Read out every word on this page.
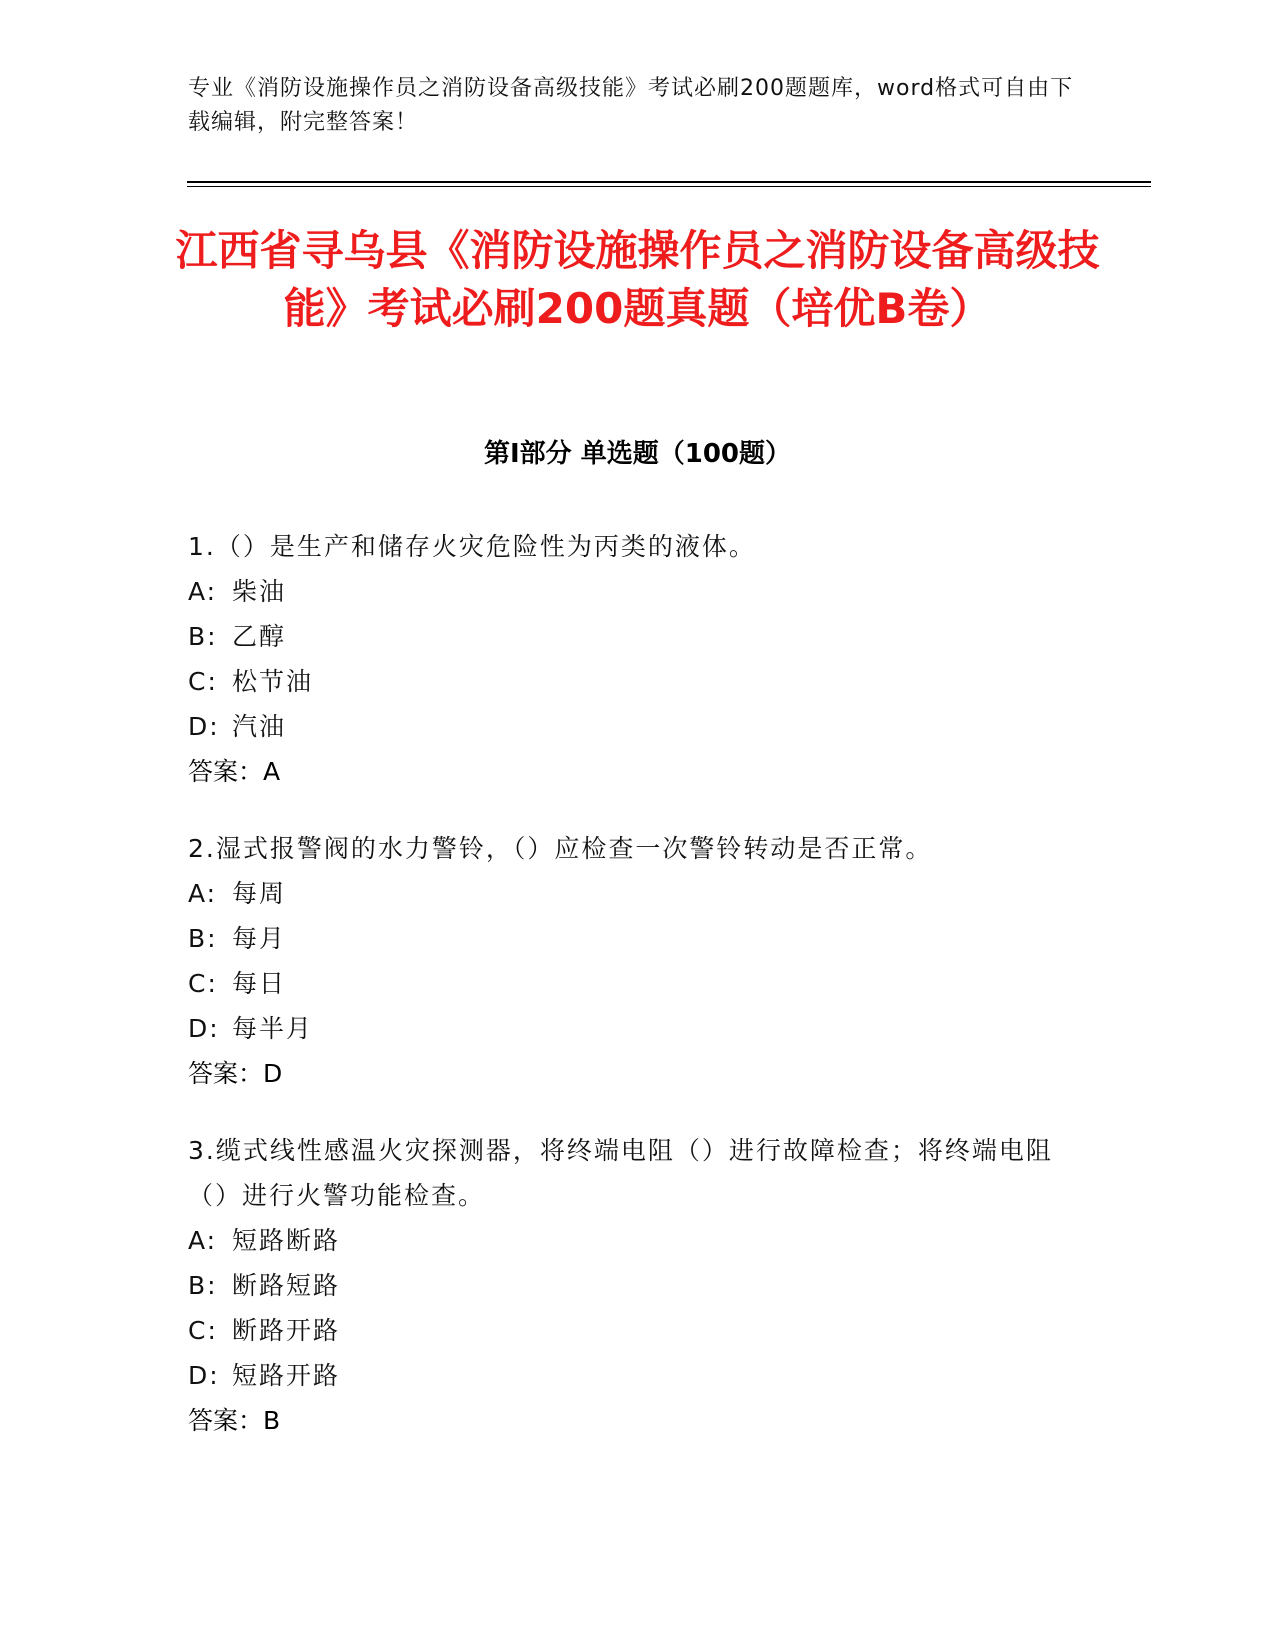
专业《消防设施操作员之消防设备高级技能》考试必刷200题题库，word格式可自由下载编辑，附完整答案！
江西省寻乌县《消防设施操作员之消防设备高级技能》考试必刷200题真题（培优B卷）
第Ⅰ部分 单选题（100题）
1.（）是生产和储存火灾危险性为丙类的液体。
A: 柴油
B: 乙醇
C: 松节油
D: 汽油
答案：A
2.湿式报警阀的水力警铃，（）应检查一次警铃转动是否正常。
A: 每周
B: 每月
C: 每日
D: 每半月
答案：D
3.缆式线性感温火灾探测器，将终端电阻（）进行故障检查；将终端电阻（）进行火警功能检查。
A: 短路断路
B: 断路短路
C: 断路开路
D: 短路开路
答案：B
